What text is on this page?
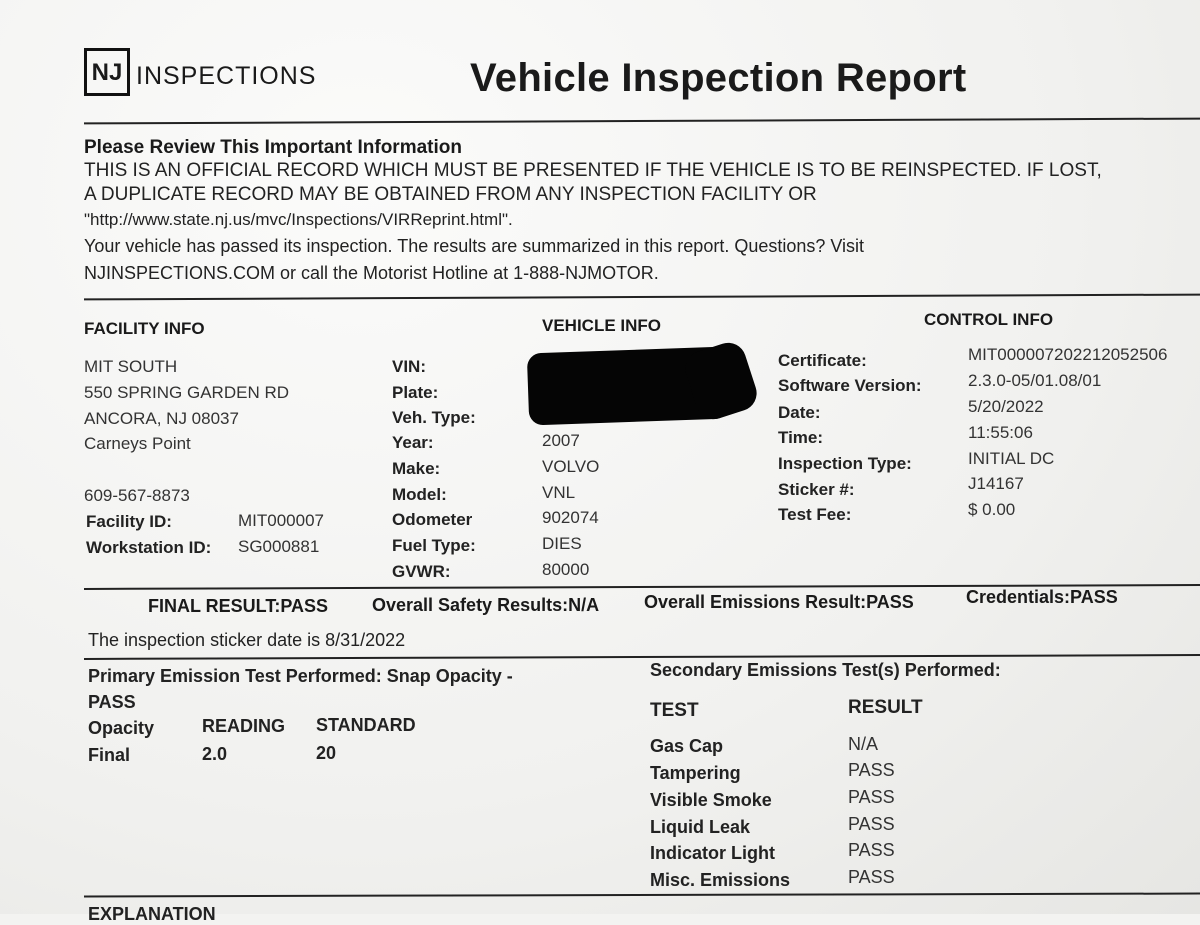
NJ INSPECTIONS	Vehicle Inspection Report
Please Review This Important Information
THIS IS AN OFFICIAL RECORD WHICH MUST BE PRESENTED IF THE VEHICLE IS TO BE REINSPECTED. IF LOST,
A DUPLICATE RECORD MAY BE OBTAINED FROM ANY INSPECTION FACILITY OR
"http://www.state.nj.us/mvc/Inspections/VIRReprint.html".
Your vehicle has passed its inspection. The results are summarized in this report. Questions? Visit
NJINSPECTIONS.COM or call the Motorist Hotline at 1-888-NJMOTOR.
FACILITY INFO
MIT SOUTH
550 SPRING GARDEN RD
ANCORA, NJ 08037
Carneys Point
609-567-8873
Facility ID:	MIT000007
Workstation ID: SG000881
VEHICLE INFO
VIN:
Plate:
Veh. Type:
Year:	2007
Make:	VOLVO
Model:	VNL
Odometer	902074
Fuel Type:	DIES
GVWR:	80000
CONTROL INFO
Certificate:	MIT000007202212052506
Software Version:	2.3.0-05/01.08/01
Date:	5/20/2022
Time:	11:55:06
Inspection Type:	INITIAL DC
Sticker #:	J14167
Test Fee:	$ 0.00
FINAL RESULT:PASS Overall Safety Results:N/A Overall Emissions Result:PASS	Credentials:PASS
The inspection sticker date is 8/31/2022
Primary Emission Test Performed: Snap Opacity -
PASS
Opacity	READING STANDARD
Final	2.0	20
Secondary Emissions Test(s) Performed:
TEST	RESULT
Gas Cap	N/A
Tampering	PASS
Visible Smoke	PASS
Liquid Leak	PASS
Indicator Light	PASS
Misc. Emissions	PASS
EXPLANATION
